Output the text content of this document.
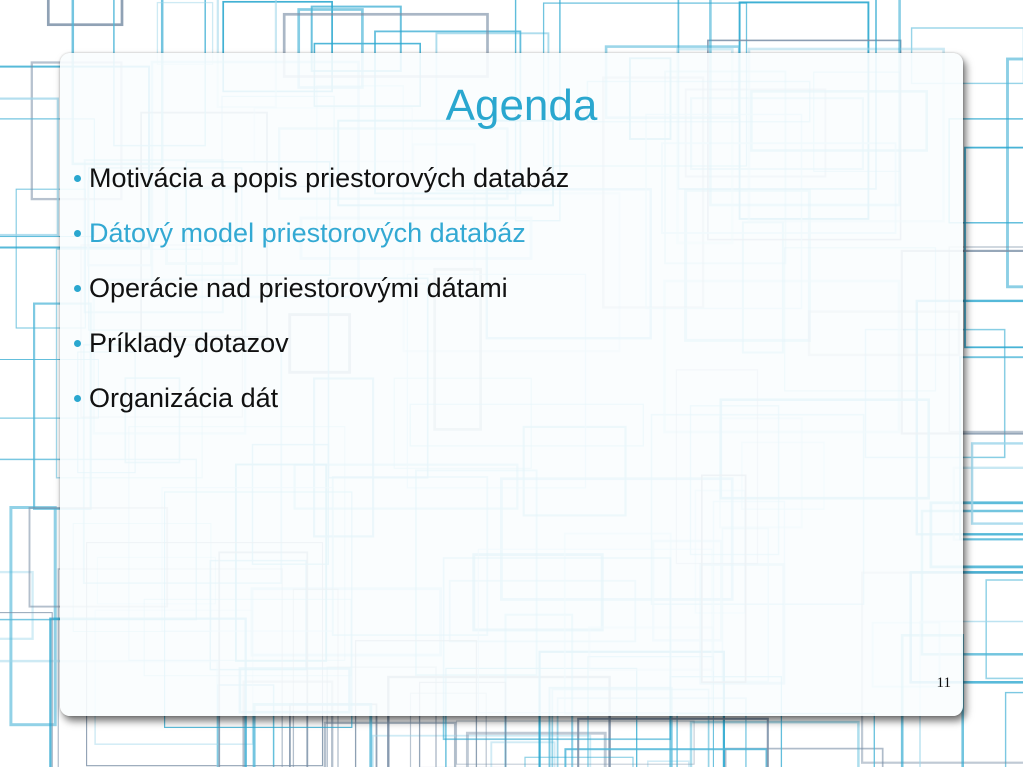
Agenda
Motivácia a popis priestorových databáz
Dátový model priestorových databáz
Operácie nad priestorovými dátami
Príklady dotazov
Organizácia dát
11
